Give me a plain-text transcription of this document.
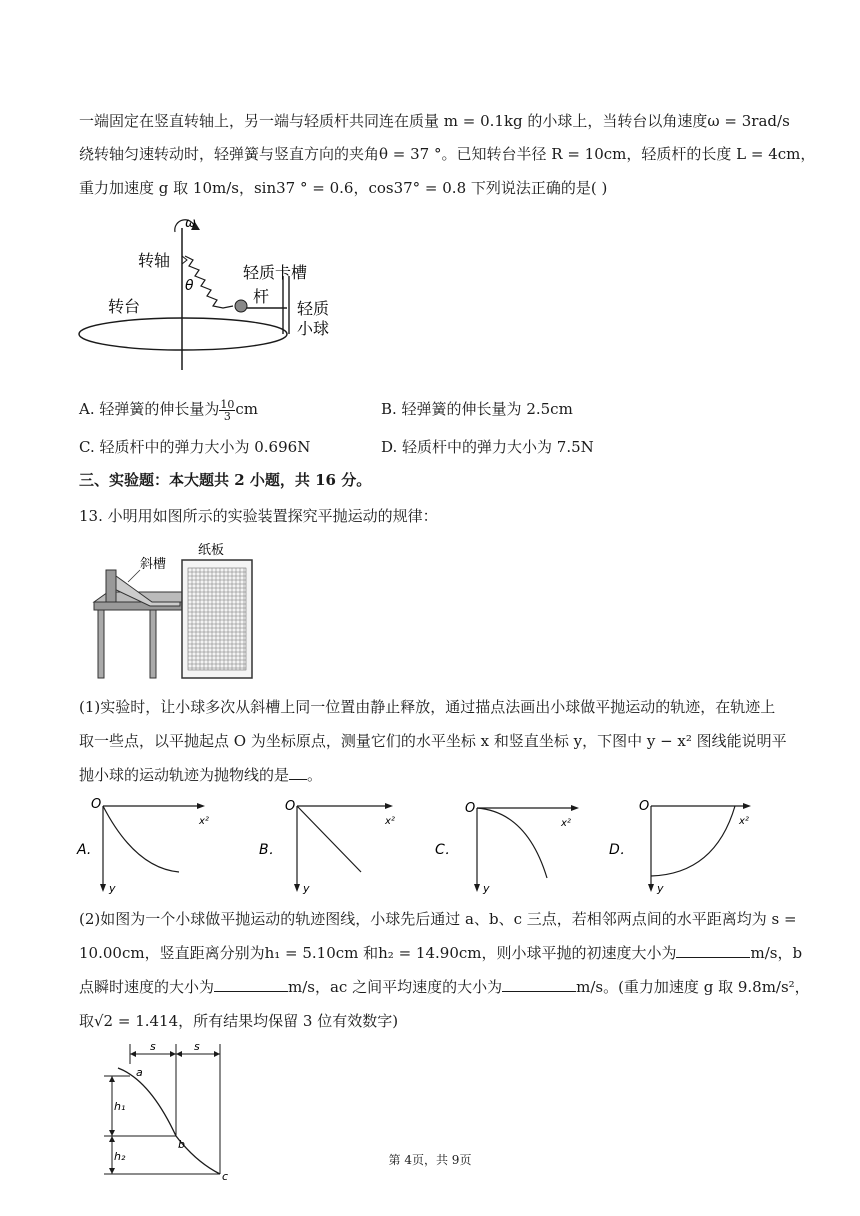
一端固定在竖直转轴上，另一端与轻质杆共同连在质量 m = 0.1kg 的小球上，当转台以角速度ω = 3rad/s
绕转轴匀速转动时，轻弹簧与竖直方向的夹角θ = 37 °。已知转台半径 R = 10cm，轻质杆的长度 L = 4cm，
重力加速度 g 取 10m/s，sin37 ° = 0.6，cos37° = 0.8 下列说法正确的是( )
ω
转轴
θ
轻质卡槽
杆
轻质
小球
转台
A. 轻弹簧的伸长量为 $\frac{10}{3}$ cm	B. 轻弹簧的伸长量为 2.5cm
C. 轻质杆中的弹力大小为 0.696N	D. 轻质杆中的弹力大小为 7.5N
三、实验题：本大题共 2 小题，共 16 分。
13. 小明用如图所示的实验装置探究平抛运动的规律：
斜槽
纸板
(1)实验时，让小球多次从斜槽上同一位置由静止释放，通过描点法画出小球做平抛运动的轨迹，在轨迹上
取一些点，以平抛起点 O 为坐标原点，测量它们的水平坐标 x 和竖直坐标 y，下图中 y − x² 图线能说明平
抛小球的运动轨迹为抛物线的是 。
O
x²
y
O
x²
y
O
x²
y
O
x²
y
A.	B．	C．	D．
(2)如图为一个小球做平抛运动的轨迹图线，小球先后通过 a、b、c 三点，若相邻两点间的水平距离均为 s =
10.00cm，竖直距离分别为h₁ = 5.10cm 和h₂ = 14.90cm，则小球平抛的初速度大小为	m/s，b
点瞬时速度的大小为	m/s，ac 之间平均速度的大小为	m/s。(重力加速度 g 取 9.8m/s²，
取√2 = 1.414，所有结果均保留 3 位有效数字)
s	s
a
b
c
h₁
h₂	第 4页，共 9页
